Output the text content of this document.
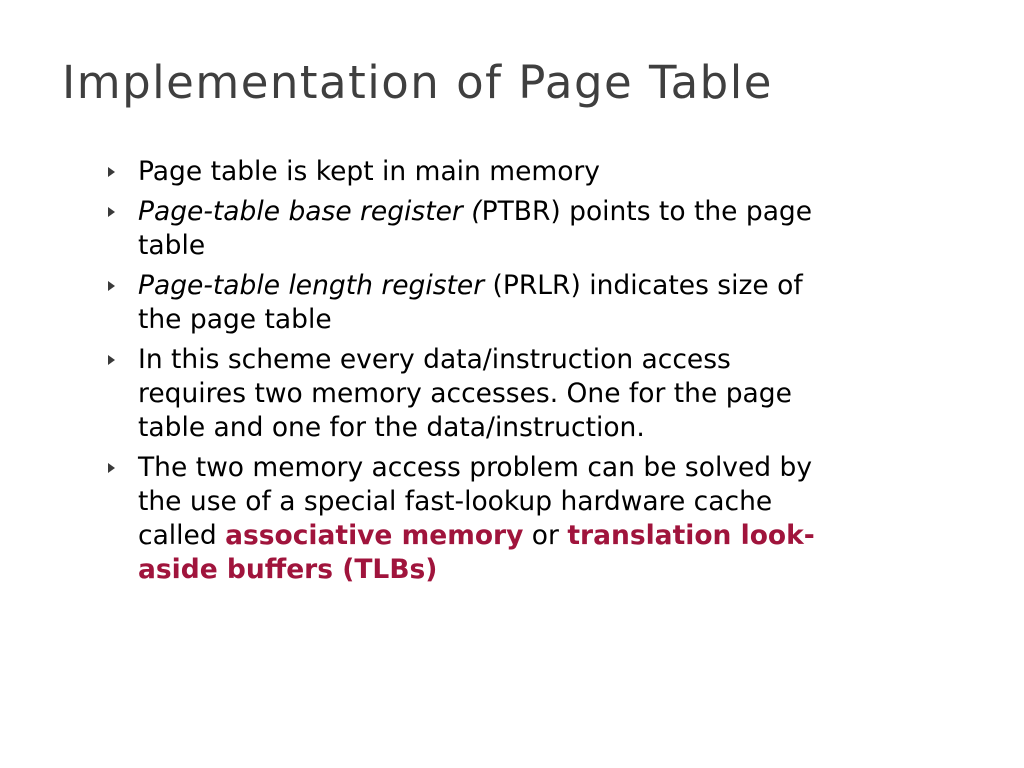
Implementation of Page Table
Page table is kept in main memory
Page-table base register (PTBR) points to the page table
Page-table length register (PRLR) indicates size of the page table
In this scheme every data/instruction access requires two memory accesses. One for the page table and one for the data/instruction.
The two memory access problem can be solved by the use of a special fast-lookup hardware cache called associative memory or translation look-aside buffers (TLBs)
